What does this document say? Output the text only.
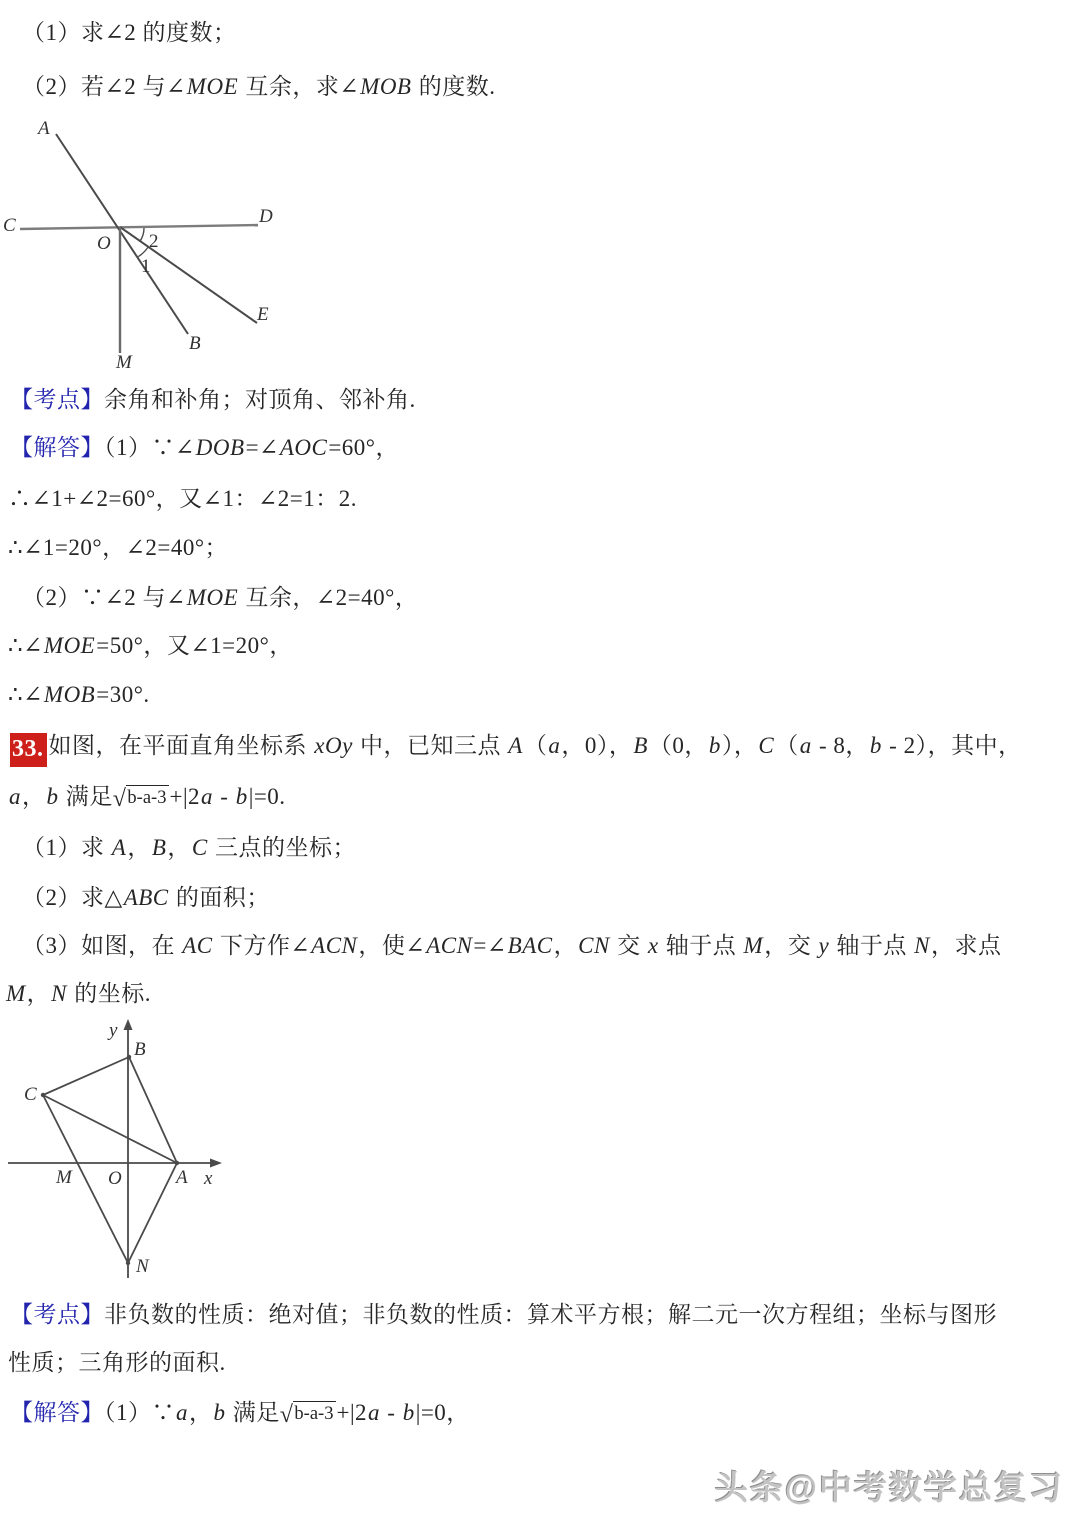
（1）求∠2 的度数；
（2）若∠2 与∠MOE 互余，求∠MOB 的度数.
A
C	D
E
B
M
O 2
1
【考点】余角和补角；对顶角、邻补角.
【解答】（1）∵∠DOB=∠AOC=60°，
∴∠1+∠2=60°，又∠1：∠2=1：2.
∴∠1=20°，∠2=40°；
（2）∵∠2 与∠MOE 互余，∠2=40°，
∴∠MOE=50°，又∠1=20°，
∴∠MOB=30°.
33. 如图，在平面直角坐标系 xOy 中，已知三点 A（a，0），B（0，b），C（a - 8，b - 2），其中，
a，b 满足√b-a-3 +|2a - b|=0.
（1）求 A，B，C 三点的坐标；
（2）求△ABC 的面积；
（3）如图，在 AC 下方作∠ACN，使∠ACN=∠BAC，CN 交 x 轴于点 M，交 y 轴于点 N，求点
M，N 的坐标.
y
B
C
M O	A x
N
【考点】非负数的性质：绝对值；非负数的性质：算术平方根；解二元一次方程组；坐标与图形
性质；三角形的面积.
【解答】（1）∵a，b 满足√b-a-3 +|2a - b|=0，
头条@中考数学总复习
